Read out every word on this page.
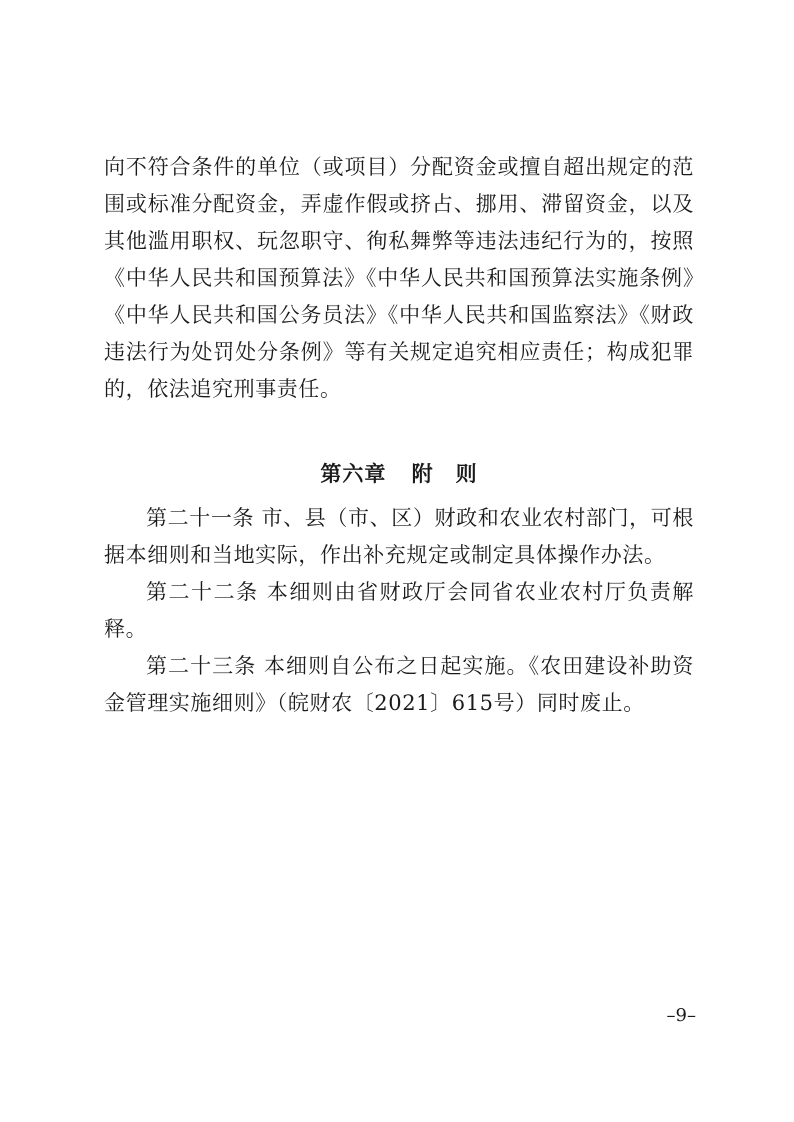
向不符合条件的单位（或项目）分配资金或擅自超出规定的范围或标准分配资金，弄虚作假或挤占、挪用、滞留资金，以及其他滥用职权、玩忽职守、徇私舞弊等违法违纪行为的，按照《中华人民共和国预算法》《中华人民共和国预算法实施条例》《中华人民共和国公务员法》《中华人民共和国监察法》《财政违法行为处罚处分条例》等有关规定追究相应责任；构成犯罪的，依法追究刑事责任。

第六章 附　则

第二十一条 市、县（市、区）财政和农业农村部门，可根据本细则和当地实际，作出补充规定或制定具体操作办法。

第二十二条 本细则由省财政厅会同省农业农村厅负责解释。

第二十三条 本细则自公布之日起实施。《农田建设补助资金管理实施细则》（皖财农〔2021〕615号）同时废止。

–9–
